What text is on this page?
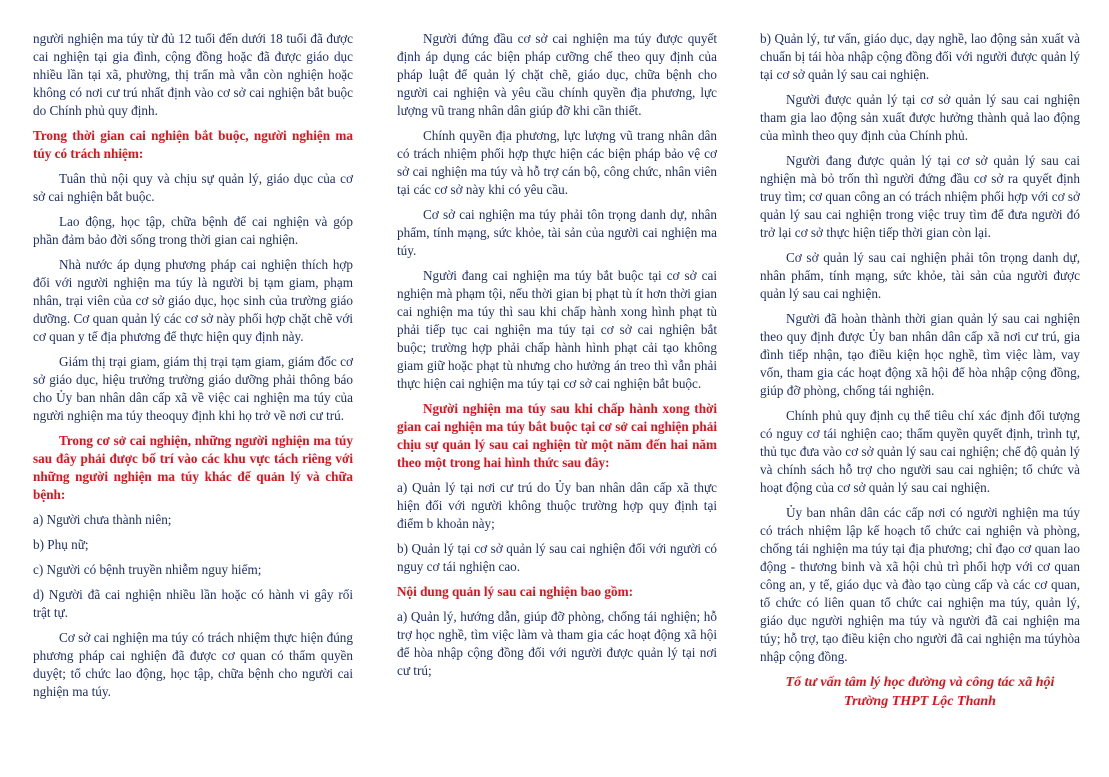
người nghiện ma túy từ đủ 12 tuổi đến dưới 18 tuổi đã được cai nghiện tại gia đình, cộng đồng hoặc đã được giáo dục nhiều lần tại xã, phường, thị trấn mà vẫn còn nghiện hoặc không có nơi cư trú nhất định vào cơ sở cai nghiện bắt buộc do Chính phủ quy định.

Trong thời gian cai nghiện bắt buộc, người nghiện ma túy có trách nhiệm:

Tuân thủ nội quy và chịu sự quản lý, giáo dục của cơ sở cai nghiện bắt buộc.

Lao động, học tập, chữa bệnh để cai nghiện và góp phần đảm bảo đời sống trong thời gian cai nghiện.

Nhà nước áp dụng phương pháp cai nghiện thích hợp đối với người nghiện ma túy là người bị tạm giam, phạm nhân, trại viên của cơ sở giáo dục, học sinh của trường giáo dưỡng. Cơ quan quản lý các cơ sở này phối hợp chặt chẽ với cơ quan y tế địa phương để thực hiện quy định này.

Giám thị trại giam, giám thị trại tạm giam, giám đốc cơ sở giáo dục, hiệu trưởng trường giáo dưỡng phải thông báo cho Ủy ban nhân dân cấp xã về việc cai nghiện ma túy của người nghiện ma túy theoquy định khi họ trở về nơi cư trú.

Trong cơ sở cai nghiện, những người nghiện ma túy sau đây phải được bố trí vào các khu vực tách riêng với những người nghiện ma túy khác để quản lý và chữa bệnh:

a) Người chưa thành niên;

b) Phụ nữ;

c) Người có bệnh truyền nhiễm nguy hiểm;

d) Người đã cai nghiện nhiều lần hoặc có hành vi gây rối trật tự.

Cơ sở cai nghiện ma túy có trách nhiệm thực hiện đúng phương pháp cai nghiện đã được cơ quan có thẩm quyền duyệt; tổ chức lao động, học tập, chữa bệnh cho người cai nghiện ma túy.

Người đứng đầu cơ sở cai nghiện ma túy được quyết định áp dụng các biện pháp cưỡng chế theo quy định của pháp luật để quản lý chặt chẽ, giáo dục, chữa bệnh cho người cai nghiện và yêu cầu chính quyền địa phương, lực lượng vũ trang nhân dân giúp đỡ khi cần thiết.

Chính quyền địa phương, lực lượng vũ trang nhân dân có trách nhiệm phối hợp thực hiện các biện pháp bảo vệ cơ sở cai nghiện ma túy và hỗ trợ cán bộ, công chức, nhân viên tại các cơ sở này khi có yêu cầu.

Cơ sở cai nghiện ma túy phải tôn trọng danh dự, nhân phẩm, tính mạng, sức khỏe, tài sản của người cai nghiện ma túy.

Người đang cai nghiện ma túy bắt buộc tại cơ sở cai nghiện mà phạm tội, nếu thời gian bị phạt tù ít hơn thời gian cai nghiện ma túy thì sau khi chấp hành xong hình phạt tù phải tiếp tục cai nghiện ma túy tại cơ sở cai nghiện bắt buộc; trường hợp phải chấp hành hình phạt cải tạo không giam giữ hoặc phạt tù nhưng cho hưởng án treo thì vẫn phải thực hiện cai nghiện ma túy tại cơ sở cai nghiện bắt buộc.

Người nghiện ma túy sau khi chấp hành xong thời gian cai nghiện ma túy bắt buộc tại cơ sở cai nghiện phải chịu sự quản lý sau cai nghiện từ một năm đến hai năm theo một trong hai hình thức sau đây:

a) Quản lý tại nơi cư trú do Ủy ban nhân dân cấp xã thực hiện đối với người không thuộc trường hợp quy định tại điểm b khoản này;

b) Quản lý tại cơ sở quản lý sau cai nghiện đối với người có nguy cơ tái nghiện cao.

Nội dung quản lý sau cai nghiện bao gồm:

a) Quản lý, hướng dẫn, giúp đỡ phòng, chống tái nghiện; hỗ trợ học nghề, tìm việc làm và tham gia các hoạt động xã hội để hòa nhập cộng đồng đối với người được quản lý tại nơi cư trú;

b) Quản lý, tư vấn, giáo dục, dạy nghề, lao động sản xuất và chuẩn bị tái hòa nhập cộng đồng đối với người được quản lý tại cơ sở quản lý sau cai nghiện.

Người được quản lý tại cơ sở quản lý sau cai nghiện tham gia lao động sản xuất được hưởng thành quả lao động của mình theo quy định của Chính phủ.

Người đang được quản lý tại cơ sở quản lý sau cai nghiện mà bỏ trốn thì người đứng đầu cơ sở ra quyết định truy tìm; cơ quan công an có trách nhiệm phối hợp với cơ sở quản lý sau cai nghiện trong việc truy tìm để đưa người đó trở lại cơ sở thực hiện tiếp thời gian còn lại.

Cơ sở quản lý sau cai nghiện phải tôn trọng danh dự, nhân phẩm, tính mạng, sức khỏe, tài sản của người được quản lý sau cai nghiện.

Người đã hoàn thành thời gian quản lý sau cai nghiện theo quy định được Ủy ban nhân dân cấp xã nơi cư trú, gia đình tiếp nhận, tạo điều kiện học nghề, tìm việc làm, vay vốn, tham gia các hoạt động xã hội để hòa nhập cộng đồng, giúp đỡ phòng, chống tái nghiện.

Chính phủ quy định cụ thể tiêu chí xác định đối tượng có nguy cơ tái nghiện cao; thẩm quyền quyết định, trình tự, thủ tục đưa vào cơ sở quản lý sau cai nghiện; chế độ quản lý và chính sách hỗ trợ cho người sau cai nghiện; tổ chức và hoạt động của cơ sở quản lý sau cai nghiện.

Ủy ban nhân dân các cấp nơi có người nghiện ma túy có trách nhiệm lập kế hoạch tổ chức cai nghiện và phòng, chống tái nghiện ma túy tại địa phương; chỉ đạo cơ quan lao động - thương binh và xã hội chủ trì phối hợp với cơ quan công an, y tế, giáo dục và đào tạo cùng cấp và các cơ quan, tổ chức có liên quan tổ chức cai nghiện ma túy, quản lý, giáo dục người nghiện ma túy và người đã cai nghiện ma túy; hỗ trợ, tạo điều kiện cho người đã cai nghiện ma túyhòa nhập cộng đồng.

Tổ tư vấn tâm lý học đường và công tác xã hội
Trường THPT Lộc Thanh
